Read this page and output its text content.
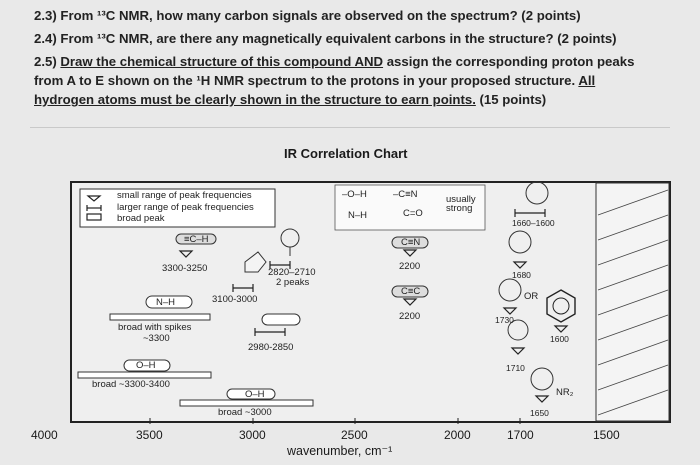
2.3) From ¹³C NMR, how many carbon signals are observed on the spectrum? (2 points)
2.4) From ¹³C NMR, are there any magnetically equivalent carbons in the structure? (2 points)
2.5) Draw the chemical structure of this compound AND assign the corresponding proton peaks
from A to E shown on the ¹H NMR spectrum to the protons in your proposed structure. All
hydrogen atoms must be clearly shown in the structure to earn points. (15 points)
IR Correlation Chart
small range of peak frequencies
larger range of peak frequencies
broad peak
≡C–H
3300-3250
N–H
broad with spikes
~3300
O–H
broad ~3300-3400
3100-3000
2820–2710
2 peaks
2980-2850
O–H
broad ~3000
–O–H
N–H
–C≡N
C=O
usually
strong
C≡N
2200
C≡C
2200
1660–1600
1680
OR
1730
1600
1710
NR₂
1650
4000	3500	3000	2500	2000	1700	1500
wavenumber, cm⁻¹
